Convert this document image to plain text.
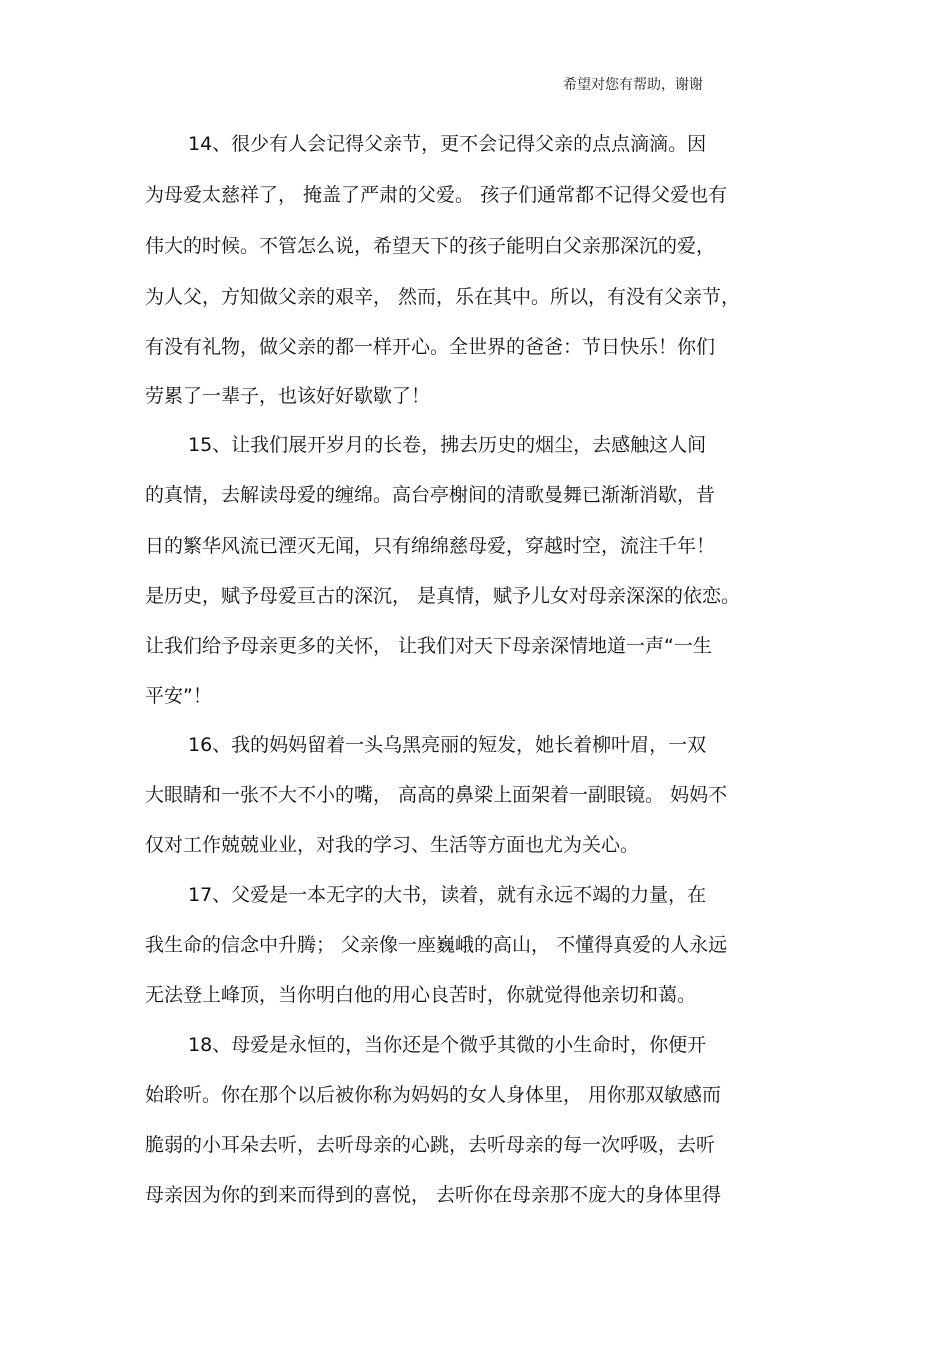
希望对您有帮助，谢谢
14、很少有人会记得父亲节，更不会记得父亲的点点滴滴。因
为母爱太慈祥了， 掩盖了严肃的父爱。 孩子们通常都不记得父爱也有
伟大的时候。不管怎么说，希望天下的孩子能明白父亲那深沉的爱，
为人父，方知做父亲的艰辛， 然而，乐在其中。所以，有没有父亲节，
有没有礼物，做父亲的都一样开心。全世界的爸爸：节日快乐！你们
劳累了一辈子，也该好好歇歇了！
15、让我们展开岁月的长卷，拂去历史的烟尘，去感触这人间
的真情，去解读母爱的缠绵。高台亭榭间的清歌曼舞已渐渐消歇，昔
日的繁华风流已湮灭无闻，只有绵绵慈母爱，穿越时空，流注千年！
是历史，赋予母爱亘古的深沉， 是真情，赋予儿女对母亲深深的依恋。
让我们给予母亲更多的关怀， 让我们对天下母亲深情地道一声“一生
平安”！
16、我的妈妈留着一头乌黑亮丽的短发，她长着柳叶眉，一双
大眼睛和一张不大不小的嘴， 高高的鼻梁上面架着一副眼镜。 妈妈不
仅对工作兢兢业业，对我的学习、生活等方面也尤为关心。
17、父爱是一本无字的大书，读着，就有永远不竭的力量，在
我生命的信念中升腾； 父亲像一座巍峨的高山， 不懂得真爱的人永远
无法登上峰顶，当你明白他的用心良苦时，你就觉得他亲切和蔼。
18、母爱是永恒的，当你还是个微乎其微的小生命时，你便开
始聆听。你在那个以后被你称为妈妈的女人身体里， 用你那双敏感而
脆弱的小耳朵去听，去听母亲的心跳，去听母亲的每一次呼吸，去听
母亲因为你的到来而得到的喜悦， 去听你在母亲那不庞大的身体里得
